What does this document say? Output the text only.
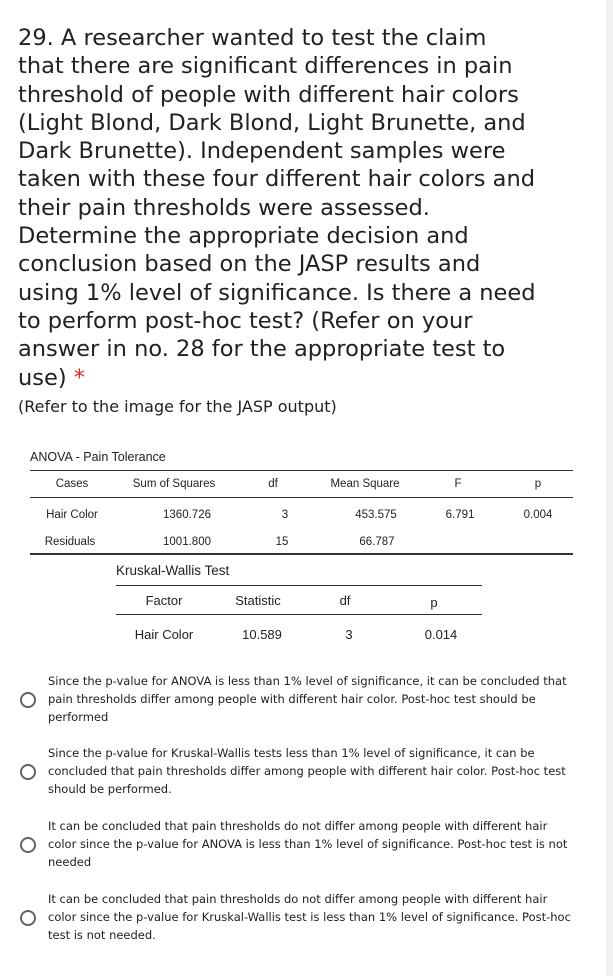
29. A researcher wanted to test the claim that there are significant differences in pain threshold of people with different hair colors (Light Blond, Dark Blond, Light Brunette, and Dark Brunette). Independent samples were taken with these four different hair colors and their pain thresholds were assessed. Determine the appropriate decision and conclusion based on the JASP results and using 1% level of significance. Is there a need to perform post-hoc test? (Refer on your answer in no. 28 for the appropriate test to use) *
(Refer to the image for the JASP output)
ANOVA - Pain Tolerance
Cases	Sum of Squares	df	Mean Square	F	p
Hair Color	1360.726	3	453.575	6.791	0.004
Residuals	1001.800	15	66.787
Kruskal-Wallis Test
Factor	Statistic	df	p
Hair Color	10.589	3	0.014
Since the p-value for ANOVA is less than 1% level of significance, it can be concluded that pain thresholds differ among people with different hair color. Post-hoc test should be performed
Since the p-value for Kruskal-Wallis tests less than 1% level of significance, it can be concluded that pain thresholds differ among people with different hair color. Post-hoc test should be performed.
It can be concluded that pain thresholds do not differ among people with different hair color since the p-value for ANOVA is less than 1% level of significance. Post-hoc test is not needed
It can be concluded that pain thresholds do not differ among people with different hair color since the p-value for Kruskal-Wallis test is less than 1% level of significance. Post-hoc test is not needed.
